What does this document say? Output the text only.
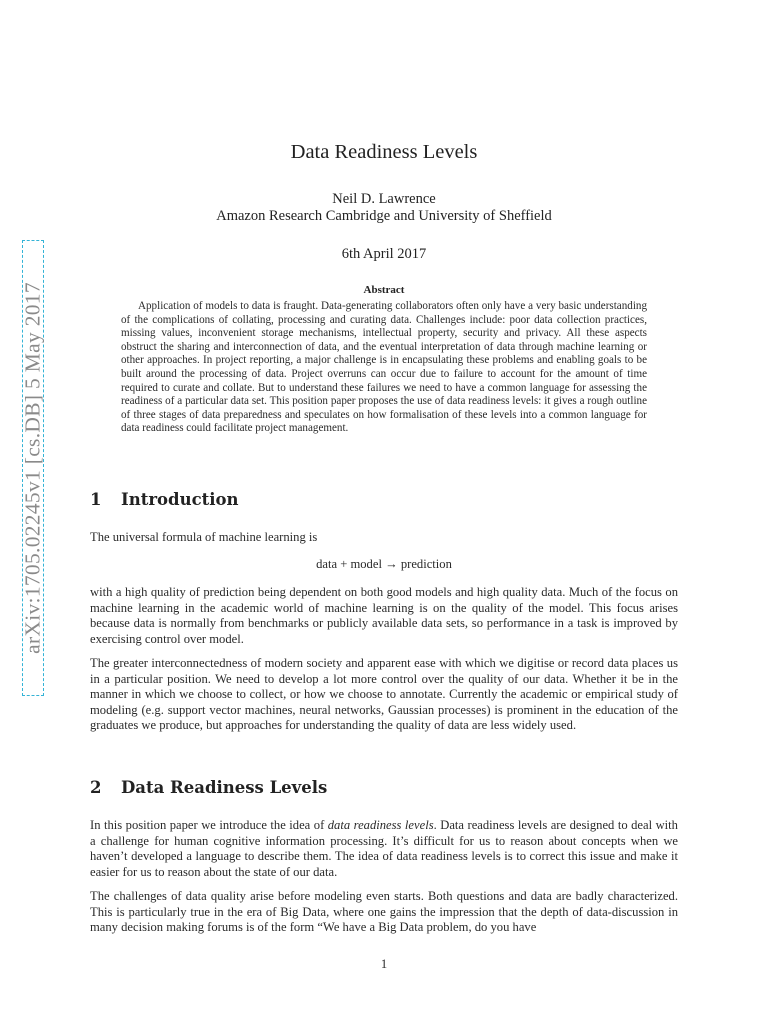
arXiv:1705.02245v1 [cs.DB] 5 May 2017
Data Readiness Levels
Neil D. Lawrence
Amazon Research Cambridge and University of Sheffield
6th April 2017
Abstract

Application of models to data is fraught. Data-generating collaborators often only have a very basic understanding of the complications of collating, processing and curating data. Challenges include: poor data collection practices, missing values, inconvenient storage mechanisms, intellectual property, security and privacy. All these aspects obstruct the sharing and interconnection of data, and the eventual interpretation of data through machine learning or other approaches. In project reporting, a major challenge is in encapsulating these problems and enabling goals to be built around the processing of data. Project overruns can occur due to failure to account for the amount of time required to curate and collate. But to understand these failures we need to have a common language for assessing the readiness of a particular data set. This position paper proposes the use of data readiness levels: it gives a rough outline of three stages of data preparedness and speculates on how formalisation of these levels into a common language for data readiness could facilitate project management.

1 Introduction

The universal formula of machine learning is

data + model → prediction

with a high quality of prediction being dependent on both good models and high quality data. Much of the focus on machine learning in the academic world of machine learning is on the quality of the model. This focus arises because data is normally from benchmarks or publicly available data sets, so performance in a task is improved by exercising control over model.

The greater interconnectedness of modern society and apparent ease with which we digitise or record data places us in a particular position. We need to develop a lot more control over the quality of our data. Whether it be in the manner in which we choose to collect, or how we choose to annotate. Currently the academic or empirical study of modeling (e.g. support vector machines, neural networks, Gaussian processes) is prominent in the education of the graduates we produce, but approaches for understanding the quality of data are less widely used.

2 Data Readiness Levels

In this position paper we introduce the idea of data readiness levels. Data readiness levels are designed to deal with a challenge for human cognitive information processing. It’s difficult for us to reason about concepts when we haven’t developed a language to describe them. The idea of data readiness levels is to correct this issue and make it easier for us to reason about the state of our data.

The challenges of data quality arise before modeling even starts. Both questions and data are badly characterized. This is particularly true in the era of Big Data, where one gains the impression that the depth of data-discussion in many decision making forums is of the form “We have a Big Data problem, do you have

1
